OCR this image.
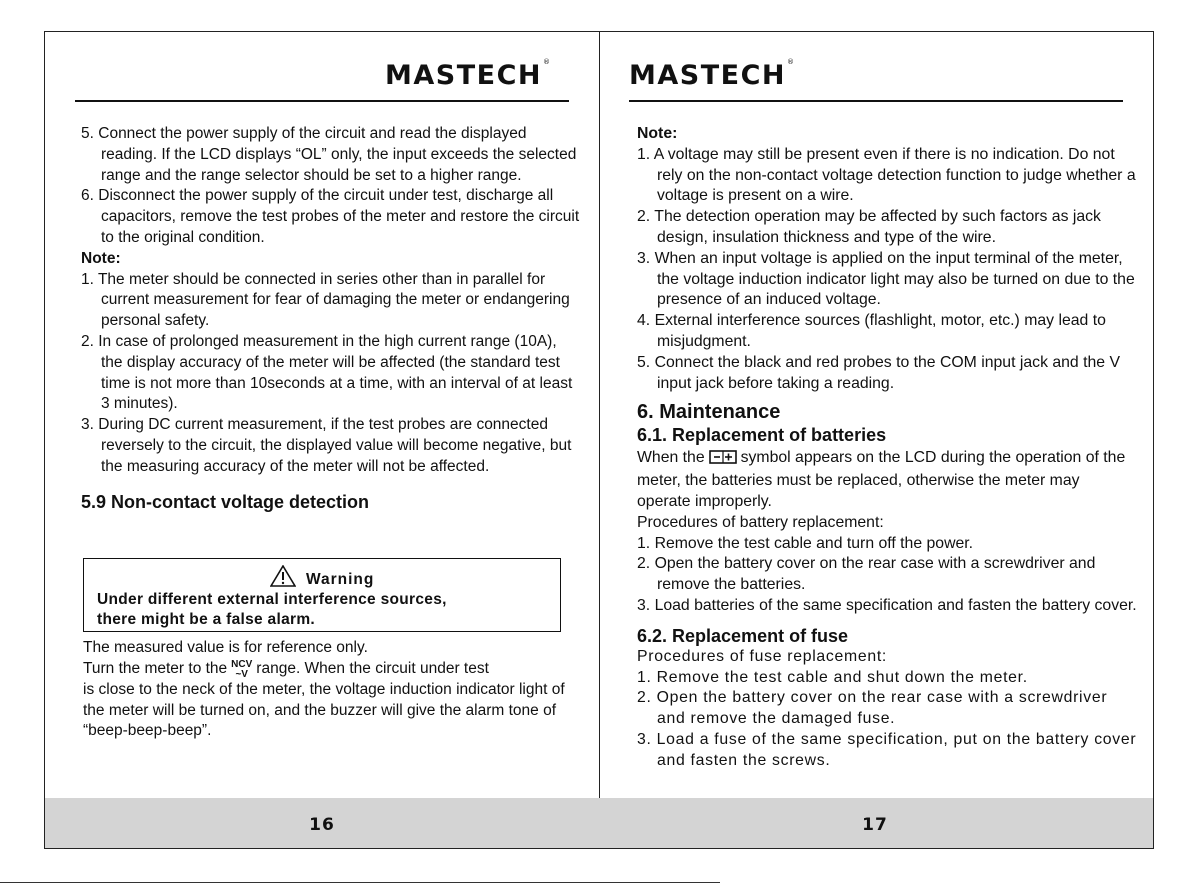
MASTECH®

5. Connect the power supply of the circuit and read the displayed reading. If the LCD displays “OL” only, the input exceeds the selected range and the range selector should be set to a higher range.

6. Disconnect the power supply of the circuit under test, discharge all capacitors, remove the test probes of the meter and restore the circuit to the original condition.

Note:

1. The meter should be connected in series other than in parallel for current measurement for fear of damaging the meter or endangering personal safety.

2. In case of prolonged measurement in the high current range (10A), the display accuracy of the meter will be affected (the standard test time is not more than 10seconds at a time, with an interval of at least 3 minutes).

3. During DC current measurement, if the test probes are connected reversely to the circuit, the displayed value will become negative, but the measuring accuracy of the meter will not be affected.

5.9 Non-contact voltage detection

Warning
Under different external interference sources,
there might be a false alarm.

The measured value is for reference only.

Turn the meter to the NCV
~V range. When the circuit under test

is close to the neck of the meter, the voltage induction indicator light of the meter will be turned on, and the buzzer will give the alarm tone of “beep-beep-beep”.

MASTECH®

Note:

1. A voltage may still be present even if there is no indication. Do not rely on the non-contact voltage detection function to judge whether a voltage is present on a wire.

2. The detection operation may be affected by such factors as jack design, insulation thickness and type of the wire.

3. When an input voltage is applied on the input terminal of the meter, the voltage induction indicator light may also be turned on due to the presence of an induced voltage.

4. External interference sources (flashlight, motor, etc.) may lead to misjudgment.

5. Connect the black and red probes to the COM input jack and the V input jack before taking a reading.

6. Maintenance

6.1. Replacement of batteries

When the symbol appears on the LCD during the operation of the meter, the batteries must be replaced, otherwise the meter may operate improperly.

Procedures of battery replacement:

1. Remove the test cable and turn off the power.

2. Open the battery cover on the rear case with a screwdriver and remove the batteries.

3. Load batteries of the same specification and fasten the battery cover.

6.2. Replacement of fuse

Procedures of fuse replacement:

1. Remove the test cable and shut down the meter.

2. Open the battery cover on the rear case with a screwdriver and remove the damaged fuse.

3. Load a fuse of the same specification, put on the battery cover and fasten the screws.

16	17
